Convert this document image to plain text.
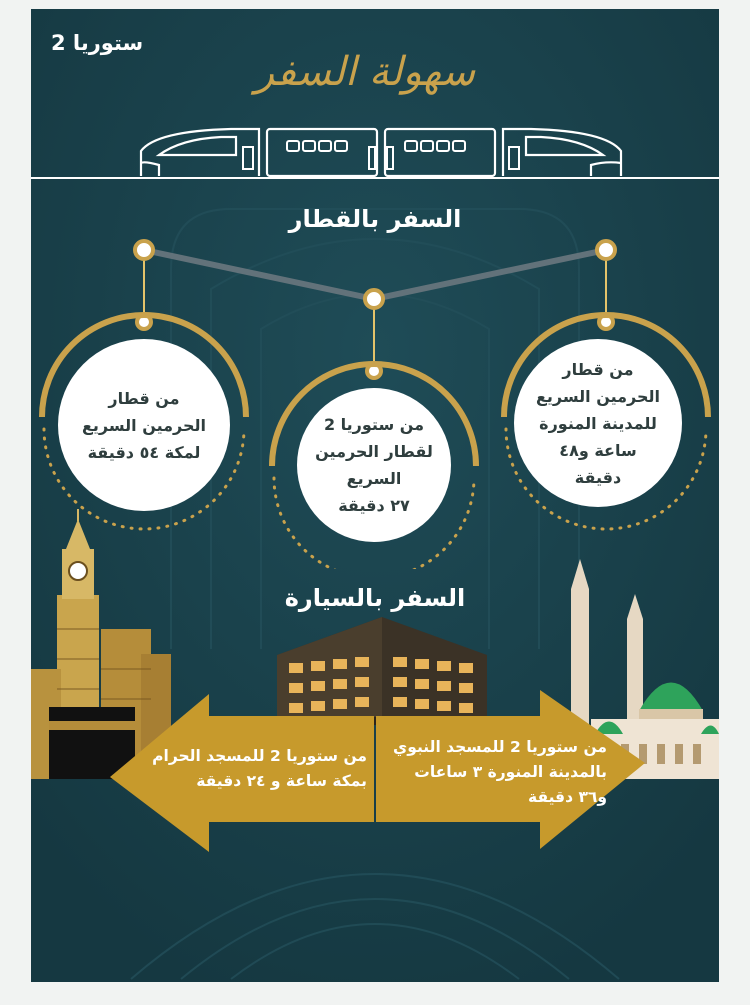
ستوريا 2
سهولة السفر
السفر بالقطار
من قطار
الحرمين السريع
للمدينة المنورة
ساعة و٤٨
دقيقة
من ستوريا 2
لقطار الحرمين
السريع
٢٧ دقيقة
من قطار
الحرمين السريع
لمكة ٥٤ دقيقة
السفر بالسيارة
من ستوريا 2 للمسجد النبوي
بالمدينة المنورة ٣ ساعات
و٣٦ دقيقة
من ستوريا 2 للمسجد الحرام
بمكة ساعة و ٢٤ دقيقة
